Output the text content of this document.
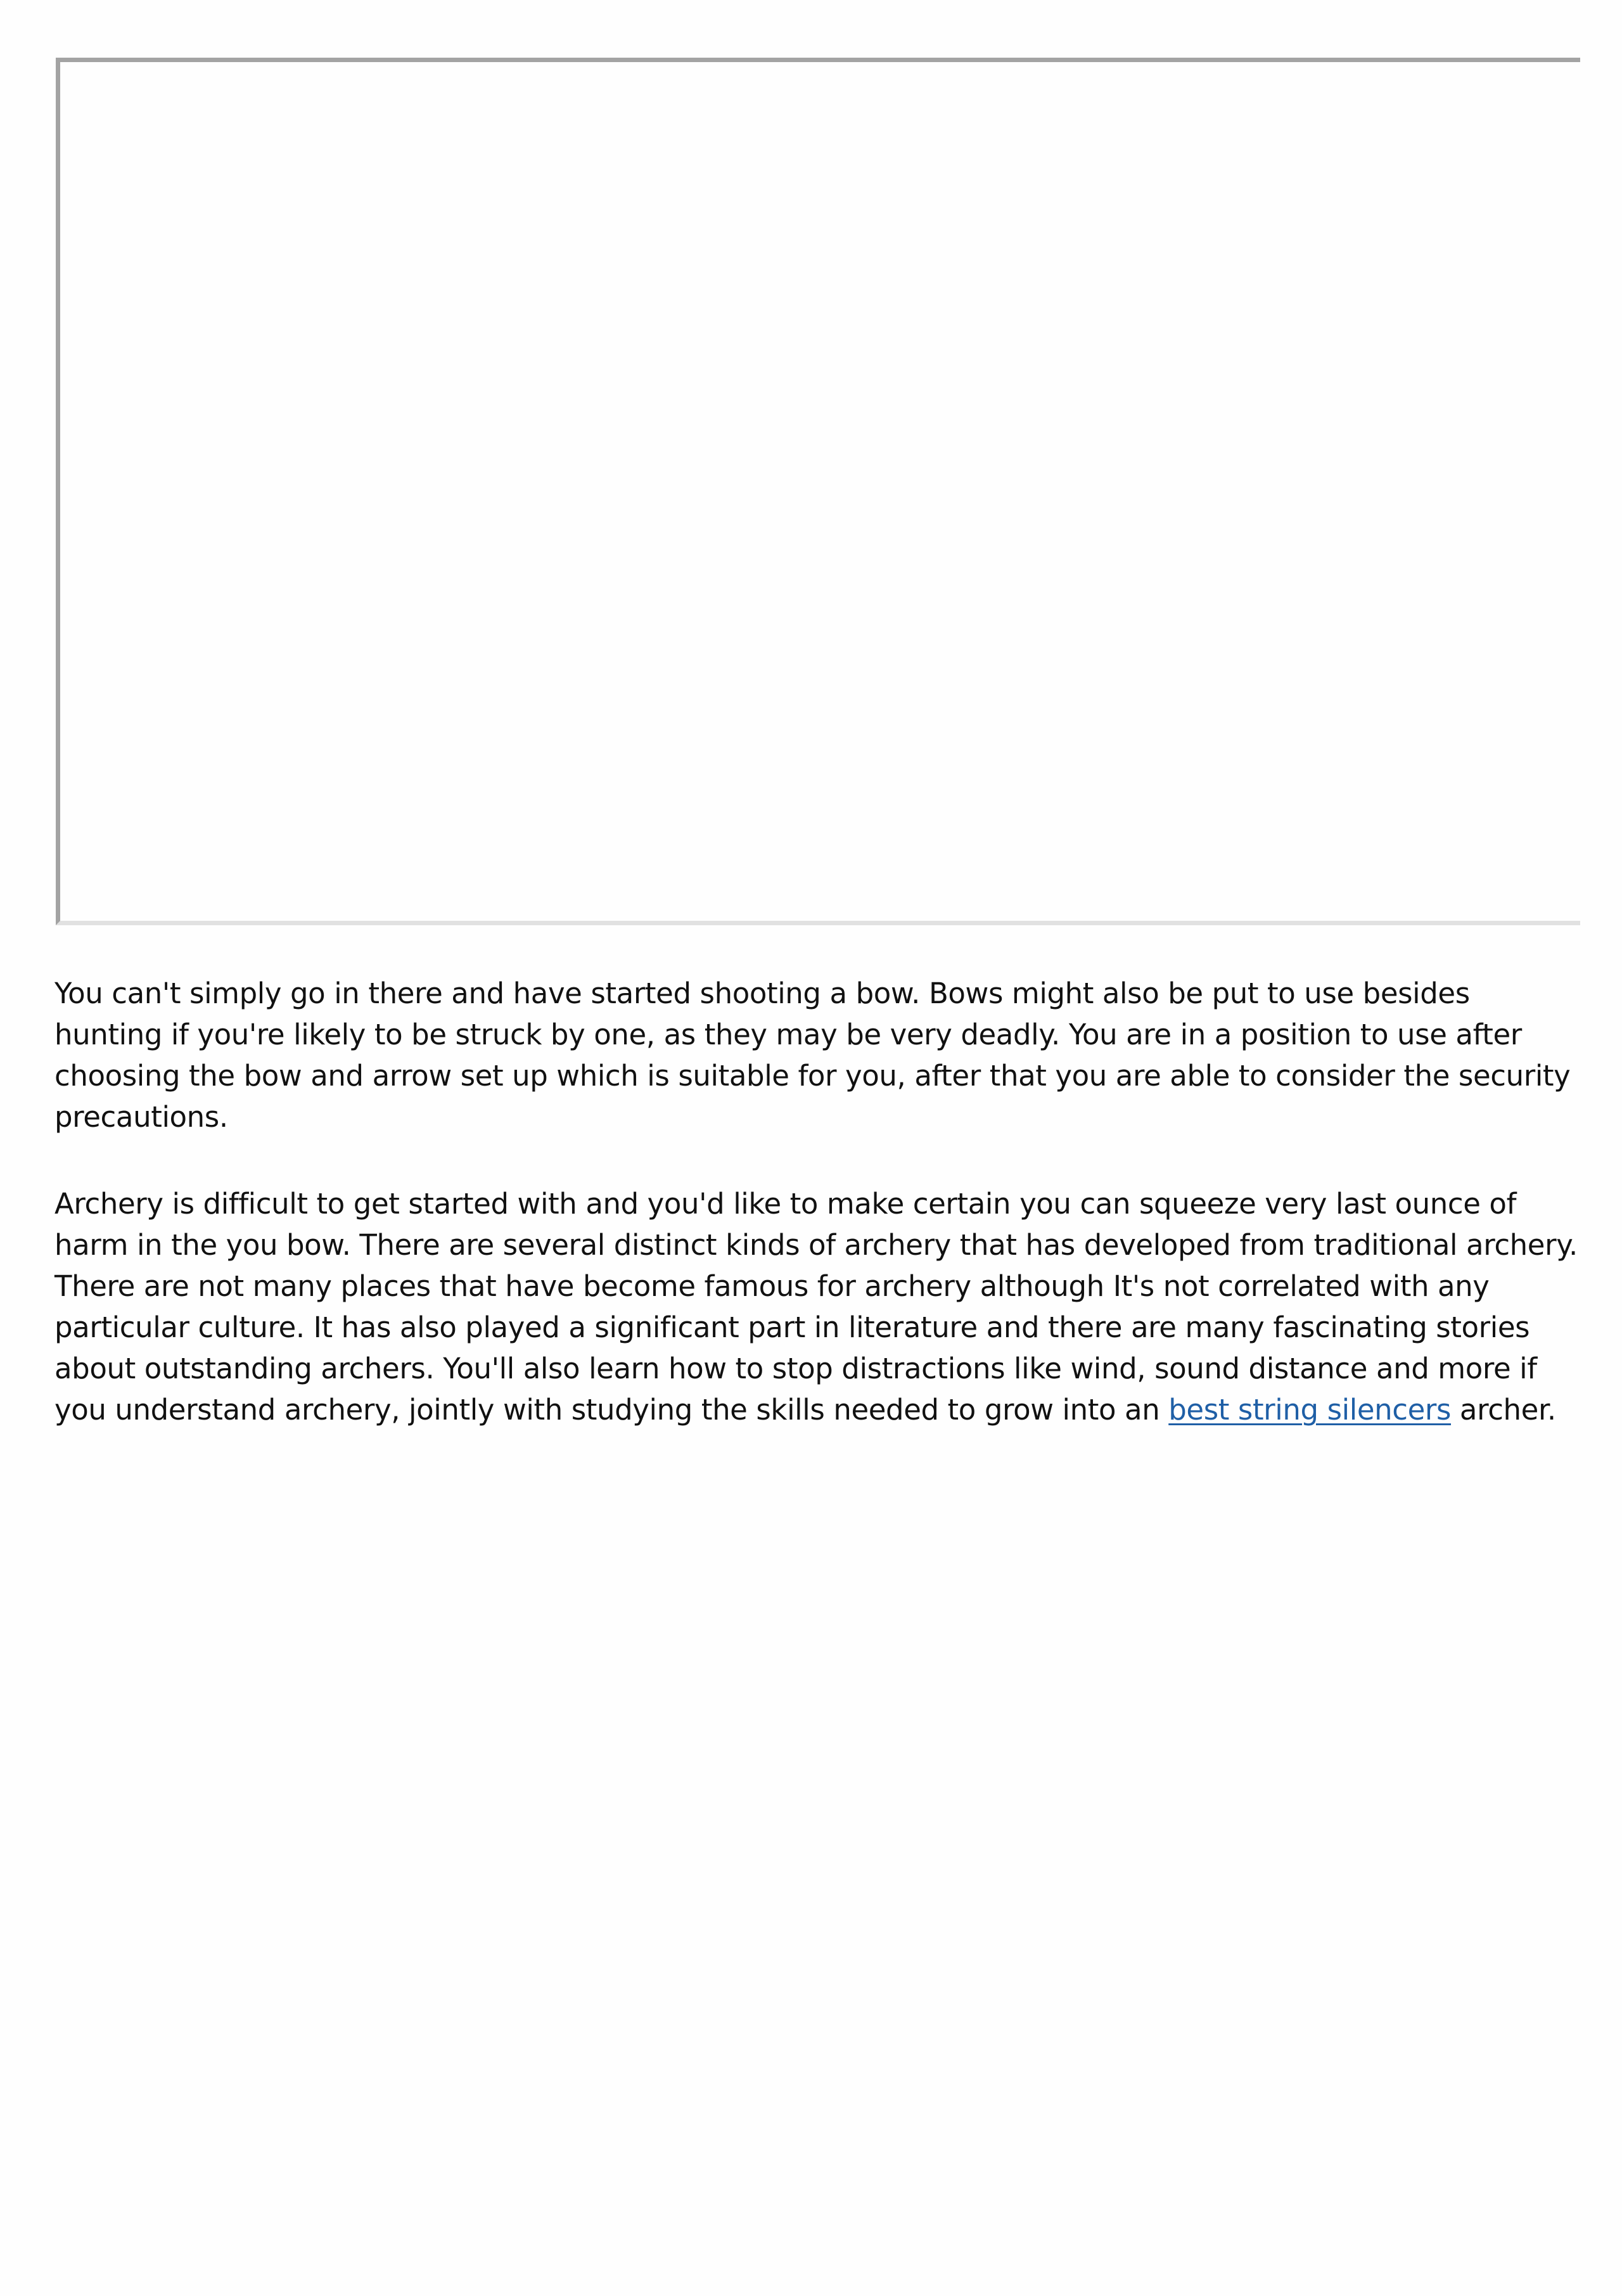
You can't simply go in there and have started shooting a bow. Bows might also be put to use besides hunting if you're likely to be struck by one, as they may be very deadly. You are in a position to use after choosing the bow and arrow set up which is suitable for you, after that you are able to consider the security precautions.

Archery is difficult to get started with and you'd like to make certain you can squeeze very last ounce of harm in the you bow. There are several distinct kinds of archery that has developed from traditional archery. There are not many places that have become famous for archery although It's not correlated with any particular culture. It has also played a significant part in literature and there are many fascinating stories about outstanding archers. You'll also learn how to stop distractions like wind, sound distance and more if you understand archery, jointly with studying the skills needed to grow into an best string silencers archer.
